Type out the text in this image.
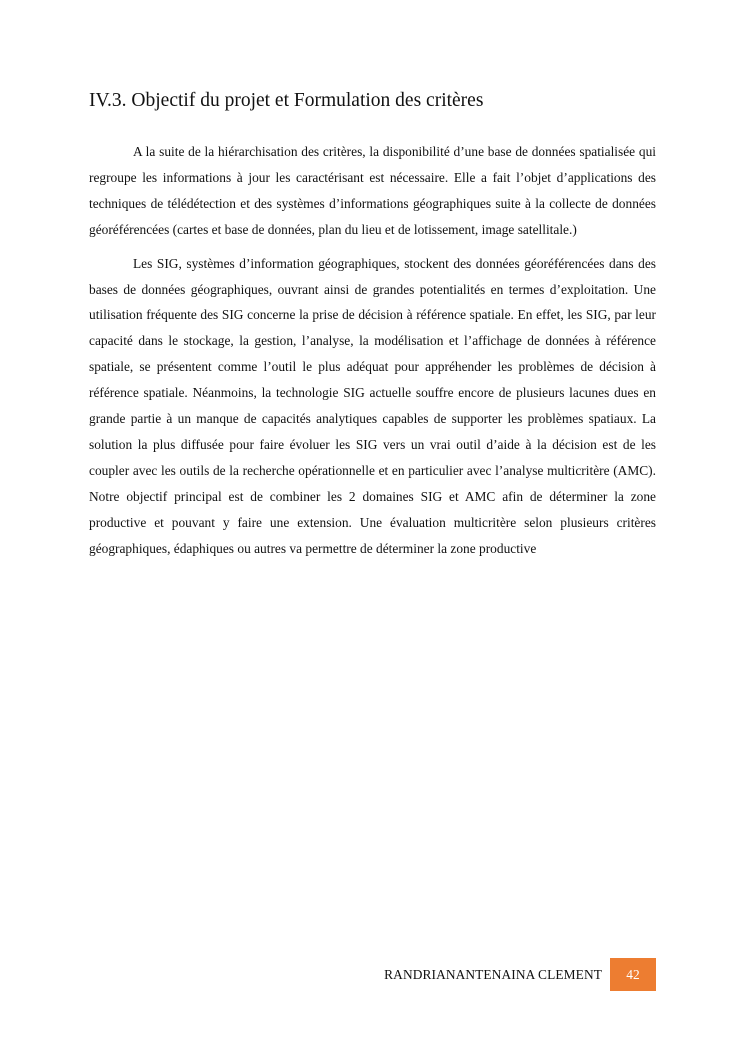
IV.3. Objectif du projet et Formulation des critères

A la suite de la hiérarchisation des critères, la disponibilité d’une base de données spatialisée qui regroupe les informations à jour les caractérisant est nécessaire. Elle a fait l’objet d’applications des techniques de télédétection et des systèmes d’informations géographiques suite à la collecte de données géoréférencées (cartes et base de données, plan du lieu et de lotissement, image satellitale.)

Les SIG, systèmes d’information géographiques, stockent des données géoréférencées dans des bases de données géographiques, ouvrant ainsi de grandes potentialités en termes d’exploitation. Une utilisation fréquente des SIG concerne la prise de décision à référence spatiale. En effet, les SIG, par leur capacité dans le stockage, la gestion, l’analyse, la modélisation et l’affichage de données à référence spatiale, se présentent comme l’outil le plus adéquat pour appréhender les problèmes de décision à référence spatiale. Néanmoins, la technologie SIG actuelle souffre encore de plusieurs lacunes dues en grande partie à un manque de capacités analytiques capables de supporter les problèmes spatiaux. La solution la plus diffusée pour faire évoluer les SIG vers un vrai outil d’aide à la décision est de les coupler avec les outils de la recherche opérationnelle et en particulier avec l’analyse multicritère (AMC). Notre objectif principal est de combiner les 2 domaines SIG et AMC afin de déterminer la zone productive et pouvant y faire une extension. Une évaluation multicritère selon plusieurs critères géographiques, édaphiques ou autres va permettre de déterminer la zone productive

RANDRIANANTENAINA CLEMENT	42
